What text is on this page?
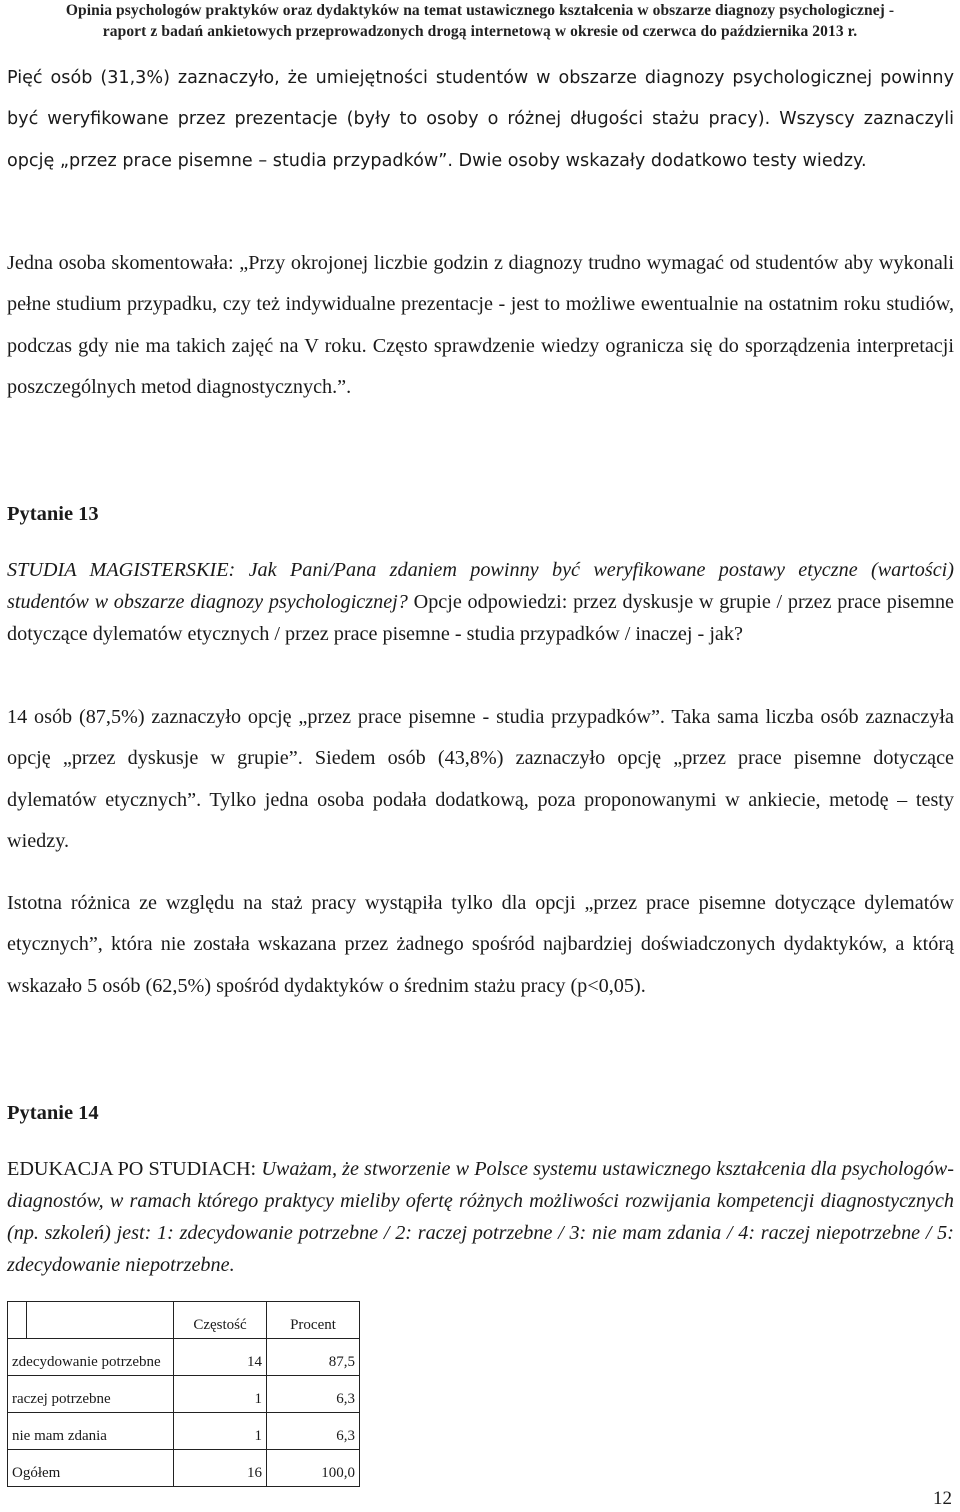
Opinia psychologów praktyków oraz dydaktyków na temat ustawicznego kształcenia w obszarze diagnozy psychologicznej -
raport z badań ankietowych przeprowadzonych drogą internetową w okresie od czerwca do października 2013 r.

Pięć osób (31,3%) zaznaczyło, że umiejętności studentów w obszarze diagnozy psychologicznej powinny być weryfikowane przez prezentacje (były to osoby o różnej długości stażu pracy). Wszyscy zaznaczyli opcję „przez prace pisemne – studia przypadków”. Dwie osoby wskazały dodatkowo testy wiedzy.

Jedna osoba skomentowała: „Przy okrojonej liczbie godzin z diagnozy trudno wymagać od studentów aby wykonali pełne studium przypadku, czy też indywidualne prezentacje - jest to możliwe ewentualnie na ostatnim roku studiów, podczas gdy nie ma takich zajęć na V roku. Często sprawdzenie wiedzy ogranicza się do sporządzenia interpretacji poszczególnych metod diagnostycznych.”.

Pytanie 13

STUDIA MAGISTERSKIE: Jak Pani/Pana zdaniem powinny być weryfikowane postawy etyczne (wartości) studentów w obszarze diagnozy psychologicznej? Opcje odpowiedzi: przez dyskusje w grupie / przez prace pisemne dotyczące dylematów etycznych / przez prace pisemne - studia przypadków / inaczej - jak?

14 osób (87,5%) zaznaczyło opcję „przez prace pisemne - studia przypadków”. Taka sama liczba osób zaznaczyła opcję „przez dyskusje w grupie”. Siedem osób (43,8%) zaznaczyło opcję „przez prace pisemne dotyczące dylematów etycznych”. Tylko jedna osoba podała dodatkową, poza proponowanymi w ankiecie, metodę – testy wiedzy.

Istotna różnica ze względu na staż pracy wystąpiła tylko dla opcji „przez prace pisemne dotyczące dylematów etycznych”, która nie została wskazana przez żadnego spośród najbardziej doświadczonych dydaktyków, a którą wskazało 5 osób (62,5%) spośród dydaktyków o średnim stażu pracy (p<0,05).

Pytanie 14

EDUKACJA PO STUDIACH: Uważam, że stworzenie w Polsce systemu ustawicznego kształcenia dla psychologów-diagnostów, w ramach którego praktycy mieliby ofertę różnych możliwości rozwijania kompetencji diagnostycznych (np. szkoleń) jest: 1: zdecydowanie potrzebne / 2: raczej potrzebne / 3: nie mam zdania / 4: raczej niepotrzebne / 5: zdecydowanie niepotrzebne.

		Częstość	Procent
zdecydowanie potrzebne		14	87,5
raczej potrzebne		1	6,3
nie mam zdania		1	6,3
Ogółem		16	100,0
12
